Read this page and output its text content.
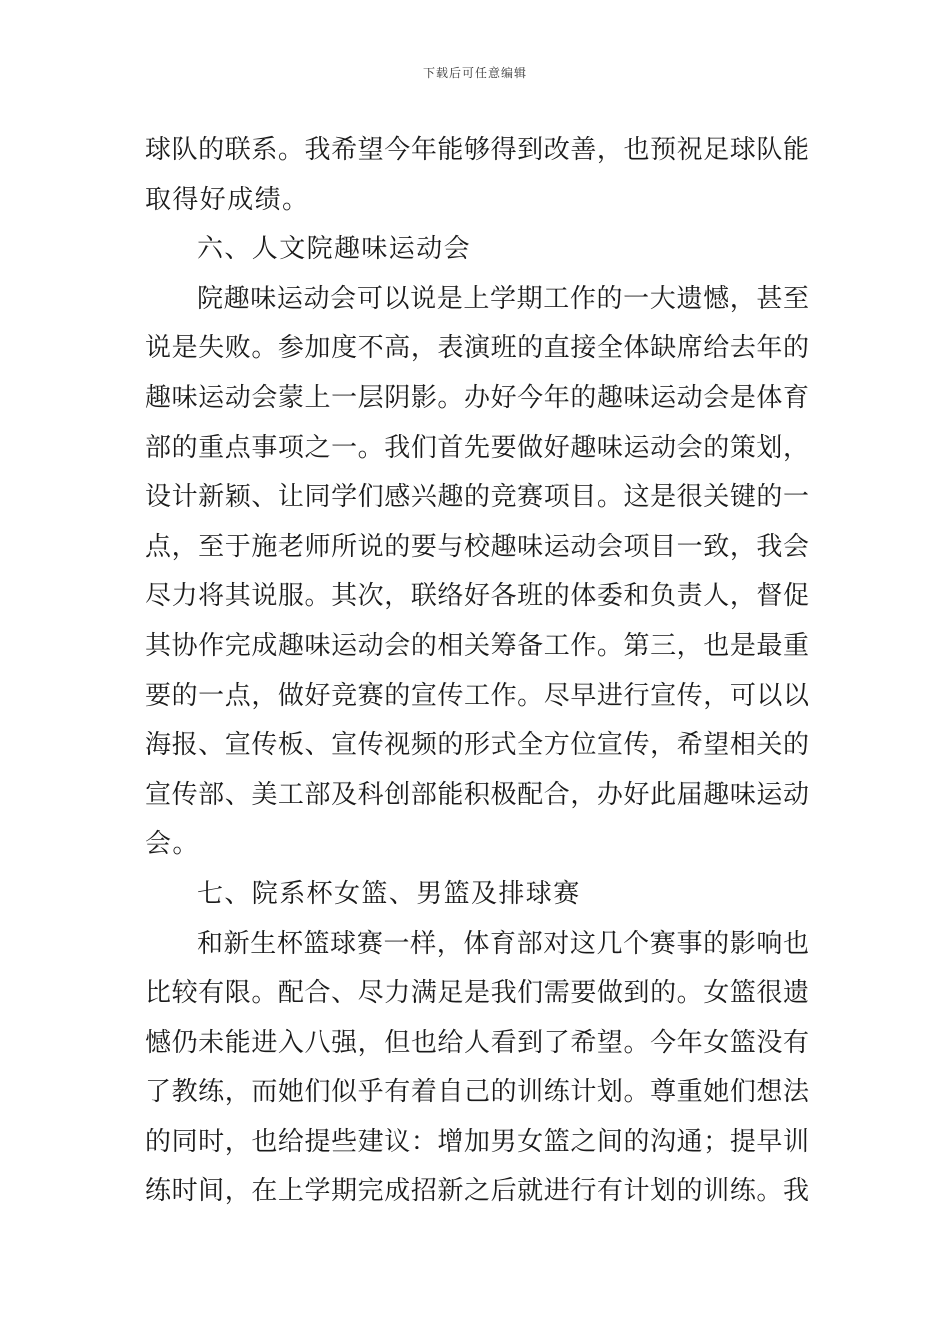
下载后可任意编辑
球队的联系。我希望今年能够得到改善，也预祝足球队能
取得好成绩。
六、人文院趣味运动会
院趣味运动会可以说是上学期工作的一大遗憾，甚至
说是失败。参加度不高，表演班的直接全体缺席给去年的
趣味运动会蒙上一层阴影。办好今年的趣味运动会是体育
部的重点事项之一。我们首先要做好趣味运动会的策划，
设计新颖、让同学们感兴趣的竞赛项目。这是很关键的一
点，至于施老师所说的要与校趣味运动会项目一致，我会
尽力将其说服。其次，联络好各班的体委和负责人，督促
其协作完成趣味运动会的相关筹备工作。第三，也是最重
要的一点，做好竞赛的宣传工作。尽早进行宣传，可以以
海报、宣传板、宣传视频的形式全方位宣传，希望相关的
宣传部、美工部及科创部能积极配合，办好此届趣味运动
会。
七、院系杯女篮、男篮及排球赛
和新生杯篮球赛一样，体育部对这几个赛事的影响也
比较有限。配合、尽力满足是我们需要做到的。女篮很遗
憾仍未能进入八强，但也给人看到了希望。今年女篮没有
了教练，而她们似乎有着自己的训练计划。尊重她们想法
的同时，也给提些建议：增加男女篮之间的沟通；提早训
练时间，在上学期完成招新之后就进行有计划的训练。我
